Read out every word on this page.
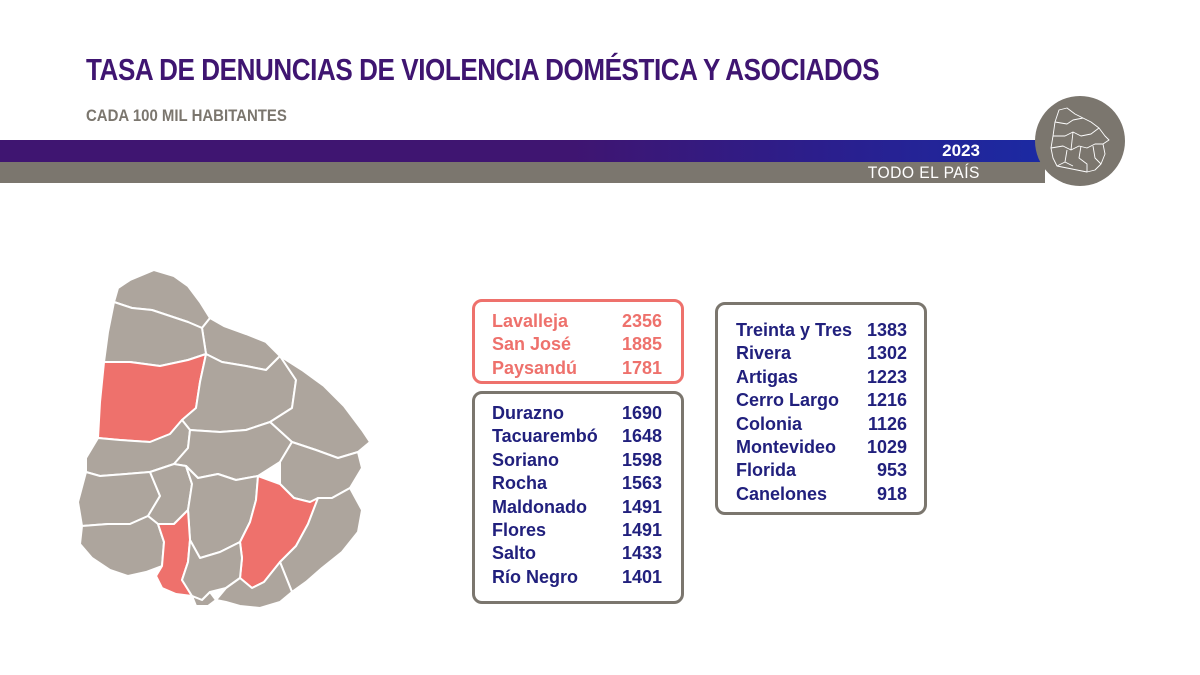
TASA DE DENUNCIAS DE VIOLENCIA DOMÉSTICA Y ASOCIADOS
CADA 100 MIL HABITANTES
2023
TODO EL PAÍS
Lavalleja	2356
San José	1885
Paysandú 1781
Durazno	1690
Tacuarembó 1648
Soriano	1598
Rocha	1563
Maldonado 1491
Flores	1491
Salto	1433
Río Negro 1401
Treinta y Tres 1383
Rivera	1302
Artigas	1223
Cerro Largo 1216
Colonia	1126
Montevideo 1029
Florida	953
Canelones	918
